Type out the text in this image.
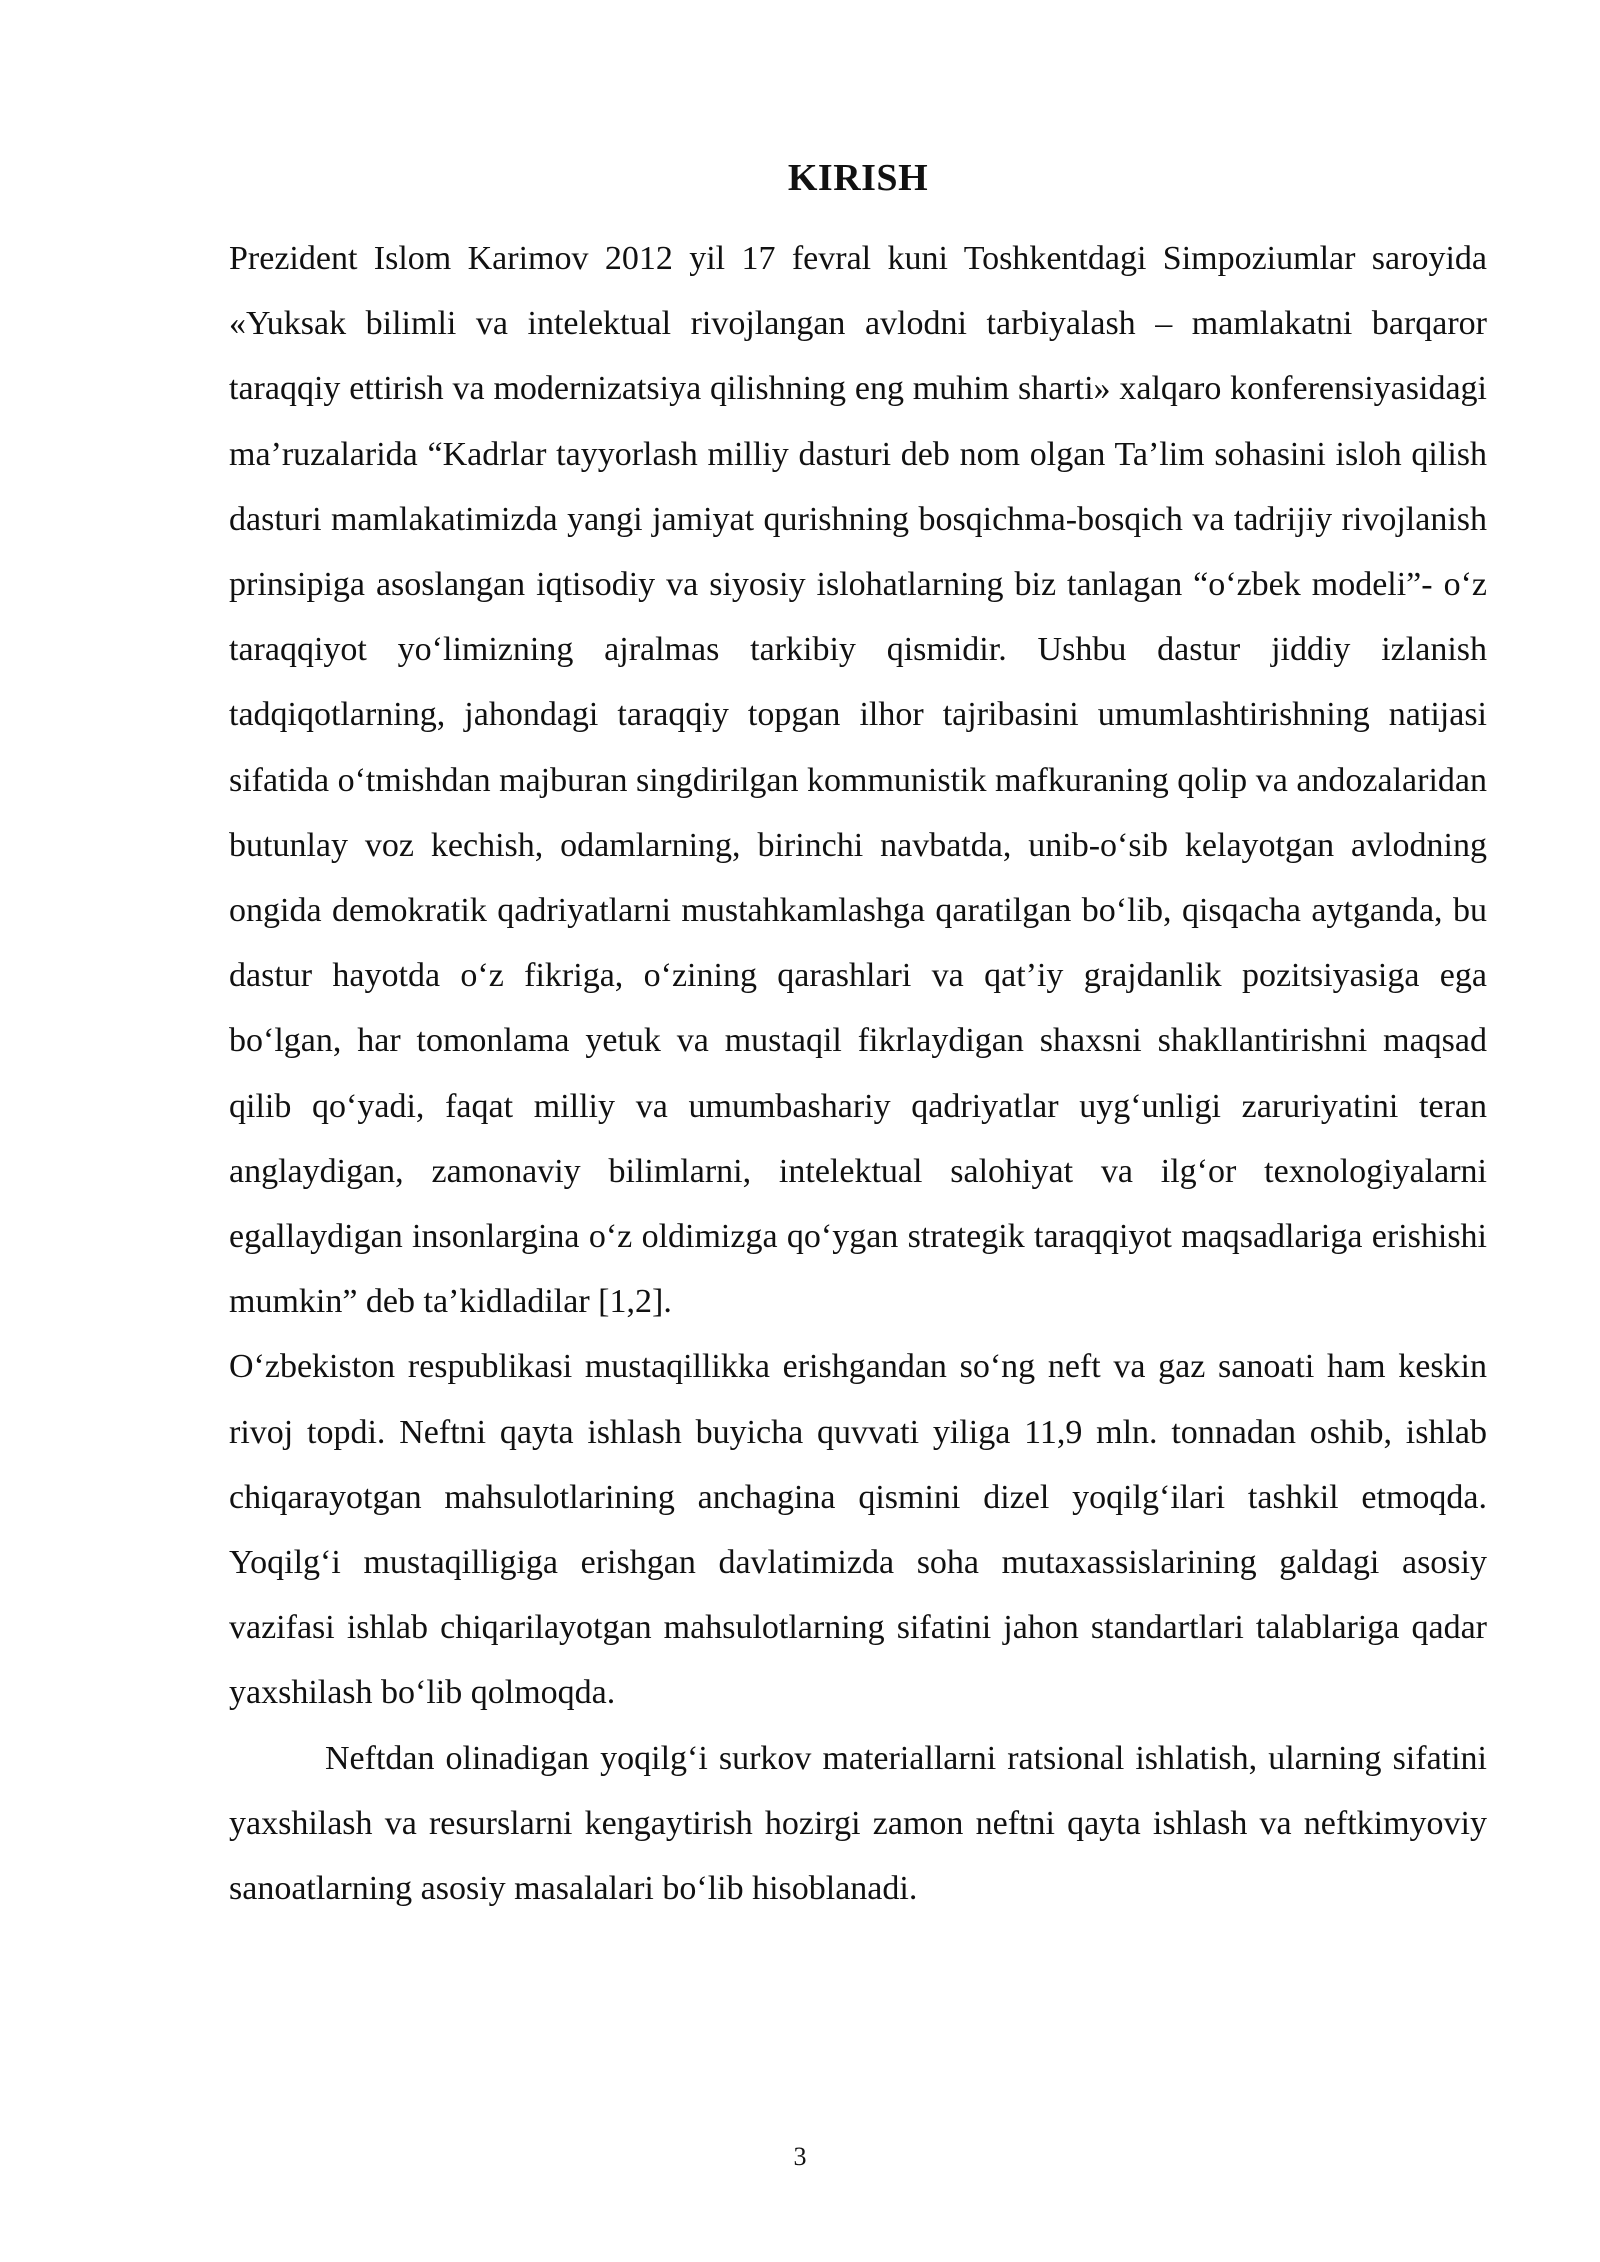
KIRISH

Prezident Islom Karimov 2012 yil 17 fevral kuni Toshkentdagi Simpoziumlar saroyida «Yuksak bilimli va intelektual rivojlangan avlodni tarbiyalash – mamlakatni barqaror taraqqiy ettirish va modernizatsiya qilishning eng muhim sharti» xalqaro konferensiyasidagi ma’ruzalarida “Kadrlar tayyorlash milliy dasturi deb nom olgan Ta’lim sohasini isloh qilish dasturi mamlakatimizda yangi jamiyat qurishning bosqichma-bosqich va tadrijiy rivojlanish prinsipiga asoslangan iqtisodiy va siyosiy islohatlarning biz tanlagan “o‘zbek modeli”- o‘z taraqqiyot yo‘limizning ajralmas tarkibiy qismidir. Ushbu dastur jiddiy izlanish tadqiqotlarning, jahondagi taraqqiy topgan ilhor tajribasini umumlashtirishning natijasi sifatida o‘tmishdan majburan singdirilgan kommunistik mafkuraning qolip va andozalaridan butunlay voz kechish, odamlarning, birinchi navbatda, unib-o‘sib kelayotgan avlodning ongida demokratik qadriyatlarni mustahkamlashga qaratilgan bo‘lib, qisqacha aytganda, bu dastur hayotda o‘z fikriga, o‘zining qarashlari va qat’iy grajdanlik pozitsiyasiga ega bo‘lgan, har tomonlama yetuk va mustaqil fikrlaydigan shaxsni shakllantirishni maqsad qilib qo‘yadi, faqat milliy va umumbashariy qadriyatlar uyg‘unligi zaruriyatini teran anglaydigan, zamonaviy bilimlarni, intelektual salohiyat va ilg‘or texnologiyalarni egallaydigan insonlargina o‘z oldimizga qo‘ygan strategik taraqqiyot maqsadlariga erishishi mumkin” deb ta’kidladilar [1,2].

O‘zbekiston respublikasi mustaqillikka erishgandan so‘ng neft va gaz sanoati ham keskin rivoj topdi. Neftni qayta ishlash buyicha quvvati yiliga 11,9 mln. tonnadan oshib, ishlab chiqarayotgan mahsulotlarining anchagina qismini dizel yoqilg‘ilari tashkil etmoqda. Yoqilg‘i mustaqilligiga erishgan davlatimizda soha mutaxassislarining galdagi asosiy vazifasi ishlab chiqarilayotgan mahsulotlarning sifatini jahon standartlari talablariga qadar yaxshilash bo‘lib qolmoqda.

Neftdan olinadigan yoqilg‘i surkov materiallarni ratsional ishlatish, ularning sifatini yaxshilash va resurslarni kengaytirish hozirgi zamon neftni qayta ishlash va neftkimyoviy sanoatlarning asosiy masalalari bo‘lib hisoblanadi.

3
